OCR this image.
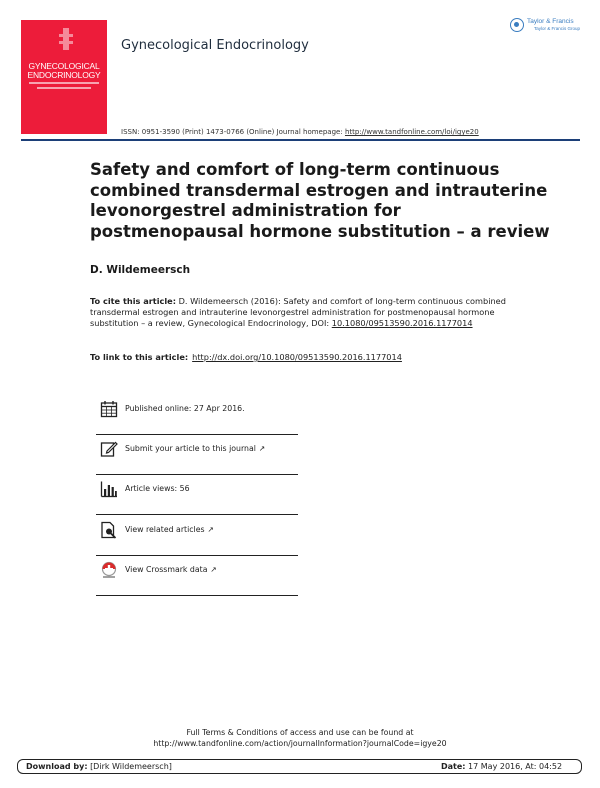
GYNECOLOGICAL
ENDOCRINOLOGY
Gynecological Endocrinology
Taylor & Francis
Taylor & Francis Group
ISSN: 0951-3590 (Print) 1473-0766 (Online) Journal homepage: http://www.tandfonline.com/loi/igye20
Safety and comfort of long-term continuous combined transdermal estrogen and intrauterine levonorgestrel administration for postmenopausal hormone substitution – a review
D. Wildemeersch
To cite this article: D. Wildemeersch (2016): Safety and comfort of long-term continuous combined transdermal estrogen and intrauterine levonorgestrel administration for postmenopausal hormone substitution – a review, Gynecological Endocrinology, DOI: 10.1080/09513590.2016.1177014
To link to this article: http://dx.doi.org/10.1080/09513590.2016.1177014
Published online: 27 Apr 2016.
Submit your article to this journal ↗
Article views: 56
View related articles ↗
View Crossmark data ↗
Full Terms & Conditions of access and use can be found at
http://www.tandfonline.com/action/journalInformation?journalCode=igye20
Download by: [Dirk Wildemeersch]	Date: 17 May 2016, At: 04:52
